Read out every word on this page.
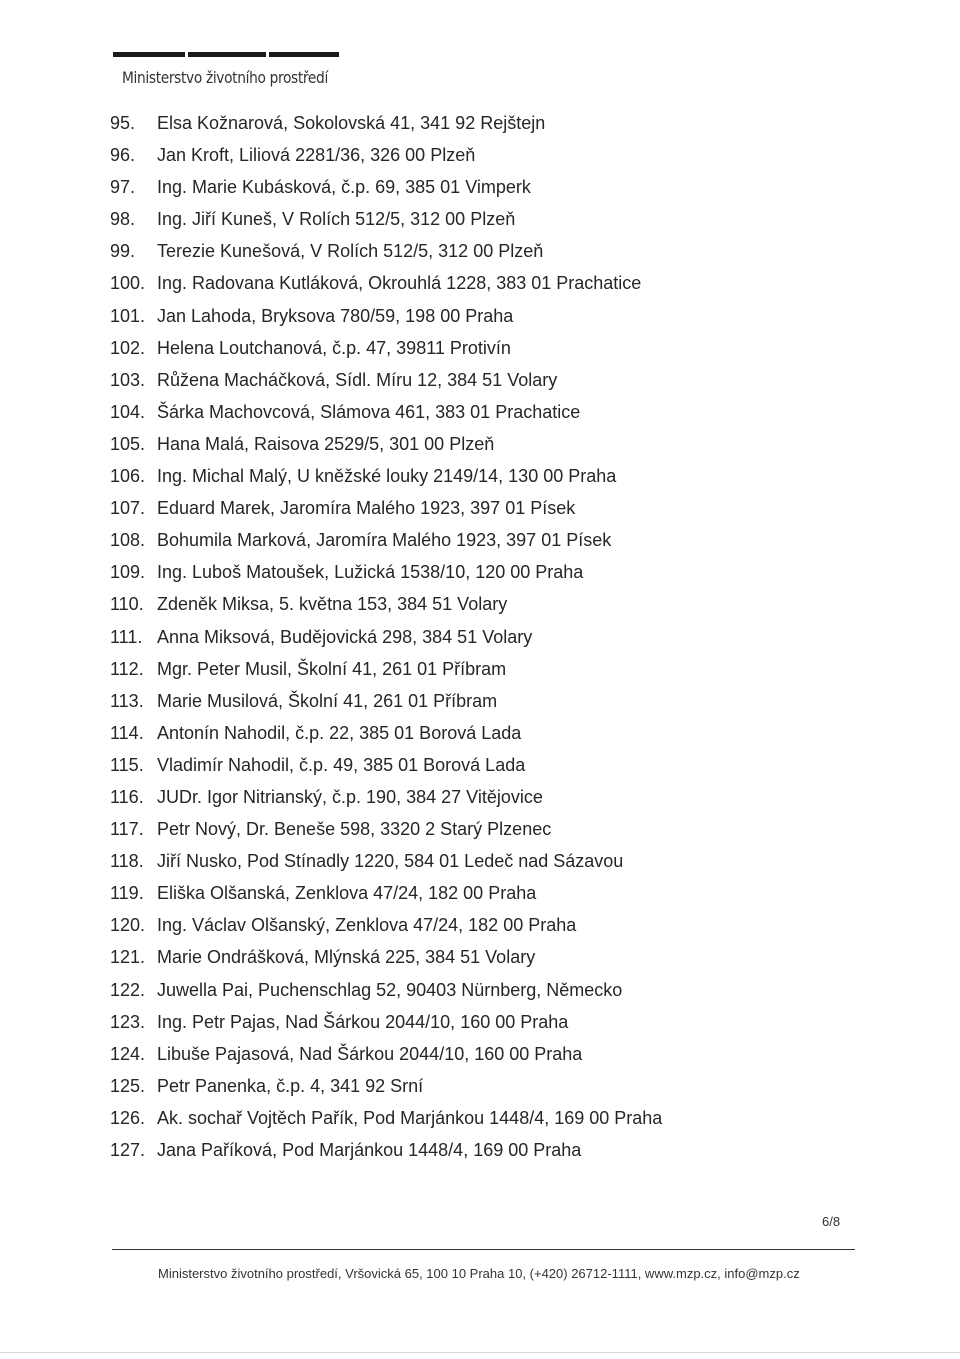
Ministerstvo životního prostředí
95.	Elsa Kožnarová, Sokolovská 41, 341 92 Rejštejn
96.	Jan Kroft, Liliová 2281/36, 326 00 Plzeň
97.	Ing. Marie Kubásková, č.p. 69, 385 01 Vimperk
98.	Ing. Jiří Kuneš, V Rolích 512/5, 312 00 Plzeň
99.	Terezie Kunešová, V Rolích 512/5, 312 00 Plzeň
100. Ing. Radovana Kutláková, Okrouhlá 1228, 383 01 Prachatice
101. Jan Lahoda, Bryksova 780/59, 198 00 Praha
102. Helena Loutchanová, č.p. 47, 39811 Protivín
103. Růžena Macháčková, Sídl. Míru 12, 384 51 Volary
104. Šárka Machovcová, Slámova 461, 383 01 Prachatice
105. Hana Malá, Raisova 2529/5, 301 00 Plzeň
106. Ing. Michal Malý, U kněžské louky 2149/14, 130 00 Praha
107. Eduard Marek, Jaromíra Malého 1923, 397 01 Písek
108. Bohumila Marková, Jaromíra Malého 1923, 397 01 Písek
109. Ing. Luboš Matoušek, Lužická 1538/10, 120 00 Praha
110. Zdeněk Miksa, 5. května 153, 384 51 Volary
111. Anna Miksová, Budějovická 298, 384 51 Volary
112. Mgr. Peter Musil, Školní 41, 261 01 Příbram
113. Marie Musilová, Školní 41, 261 01 Příbram
114. Antonín Nahodil, č.p. 22, 385 01 Borová Lada
115. Vladimír Nahodil, č.p. 49, 385 01 Borová Lada
116. JUDr. Igor Nitrianský, č.p. 190, 384 27 Vitějovice
117. Petr Nový, Dr. Beneše 598, 3320 2 Starý Plzenec
118. Jiří Nusko, Pod Stínadly 1220, 584 01 Ledeč nad Sázavou
119. Eliška Olšanská, Zenklova 47/24, 182 00 Praha
120. Ing. Václav Olšanský, Zenklova 47/24, 182 00 Praha
121. Marie Ondrášková, Mlýnská 225, 384 51 Volary
122. Juwella Pai, Puchenschlag 52, 90403 Nürnberg, Německo
123. Ing. Petr Pajas, Nad Šárkou 2044/10, 160 00 Praha
124. Libuše Pajasová, Nad Šárkou 2044/10, 160 00 Praha
125. Petr Panenka, č.p. 4, 341 92 Srní
126. Ak. sochař Vojtěch Pařík, Pod Marjánkou 1448/4, 169 00 Praha
127. Jana Paříková, Pod Marjánkou 1448/4, 169 00 Praha
6/8
Ministerstvo životního prostředí, Vršovická 65, 100 10 Praha 10, (+420) 26712-1111, www.mzp.cz, info@mzp.cz
